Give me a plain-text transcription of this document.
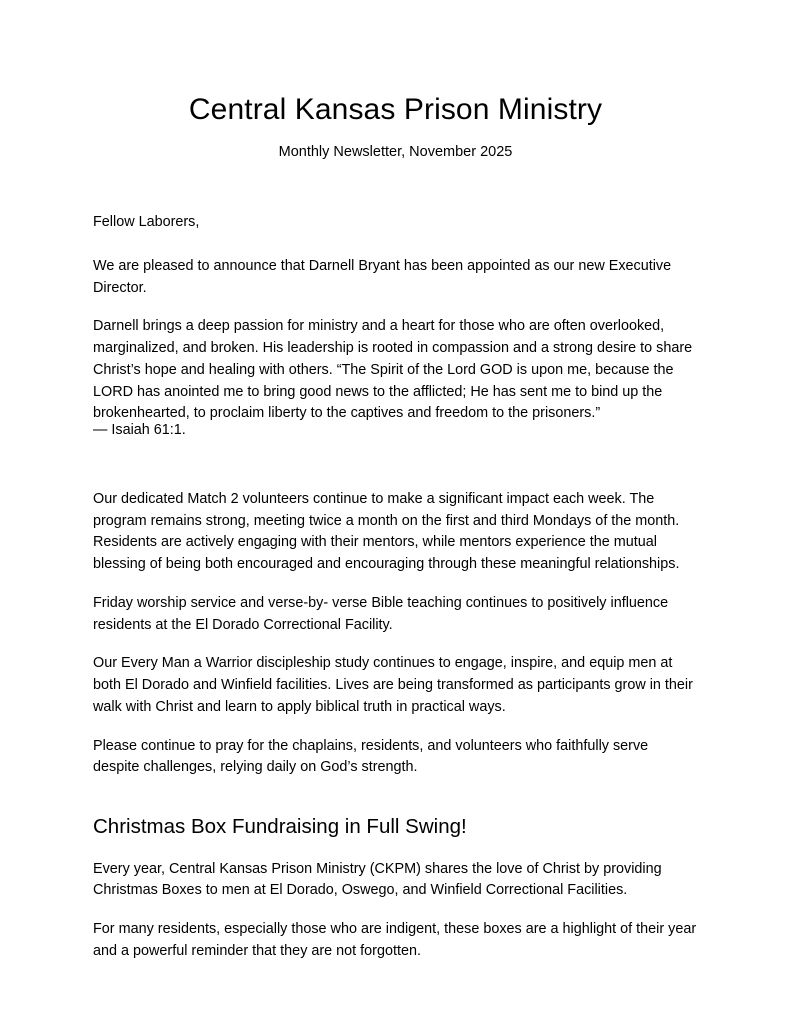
Central Kansas Prison Ministry

Monthly Newsletter, November 2025

Fellow Laborers,

We are pleased to announce that Darnell Bryant has been appointed as our new Executive Director.

Darnell brings a deep passion for ministry and a heart for those who are often overlooked, marginalized, and broken. His leadership is rooted in compassion and a strong desire to share Christ’s hope and healing with others. “The Spirit of the Lord GOD is upon me, because the LORD has anointed me to bring good news to the afflicted; He has sent me to bind up the brokenhearted, to proclaim liberty to the captives and freedom to the prisoners.”

— Isaiah 61:1.

Our dedicated Match 2 volunteers continue to make a significant impact each week. The program remains strong, meeting twice a month on the first and third Mondays of the month. Residents are actively engaging with their mentors, while mentors experience the mutual blessing of being both encouraged and encouraging through these meaningful relationships.

Friday worship service and verse-by- verse Bible teaching continues to positively influence residents at the El Dorado Correctional Facility.

Our Every Man a Warrior discipleship study continues to engage, inspire, and equip men at both El Dorado and Winfield facilities. Lives are being transformed as participants grow in their walk with Christ and learn to apply biblical truth in practical ways.

Please continue to pray for the chaplains, residents, and volunteers who faithfully serve despite challenges, relying daily on God’s strength.

Christmas Box Fundraising in Full Swing!

Every year, Central Kansas Prison Ministry (CKPM) shares the love of Christ by providing Christmas Boxes to men at El Dorado, Oswego, and Winfield Correctional Facilities.

For many residents, especially those who are indigent, these boxes are a highlight of their year and a powerful reminder that they are not forgotten.
